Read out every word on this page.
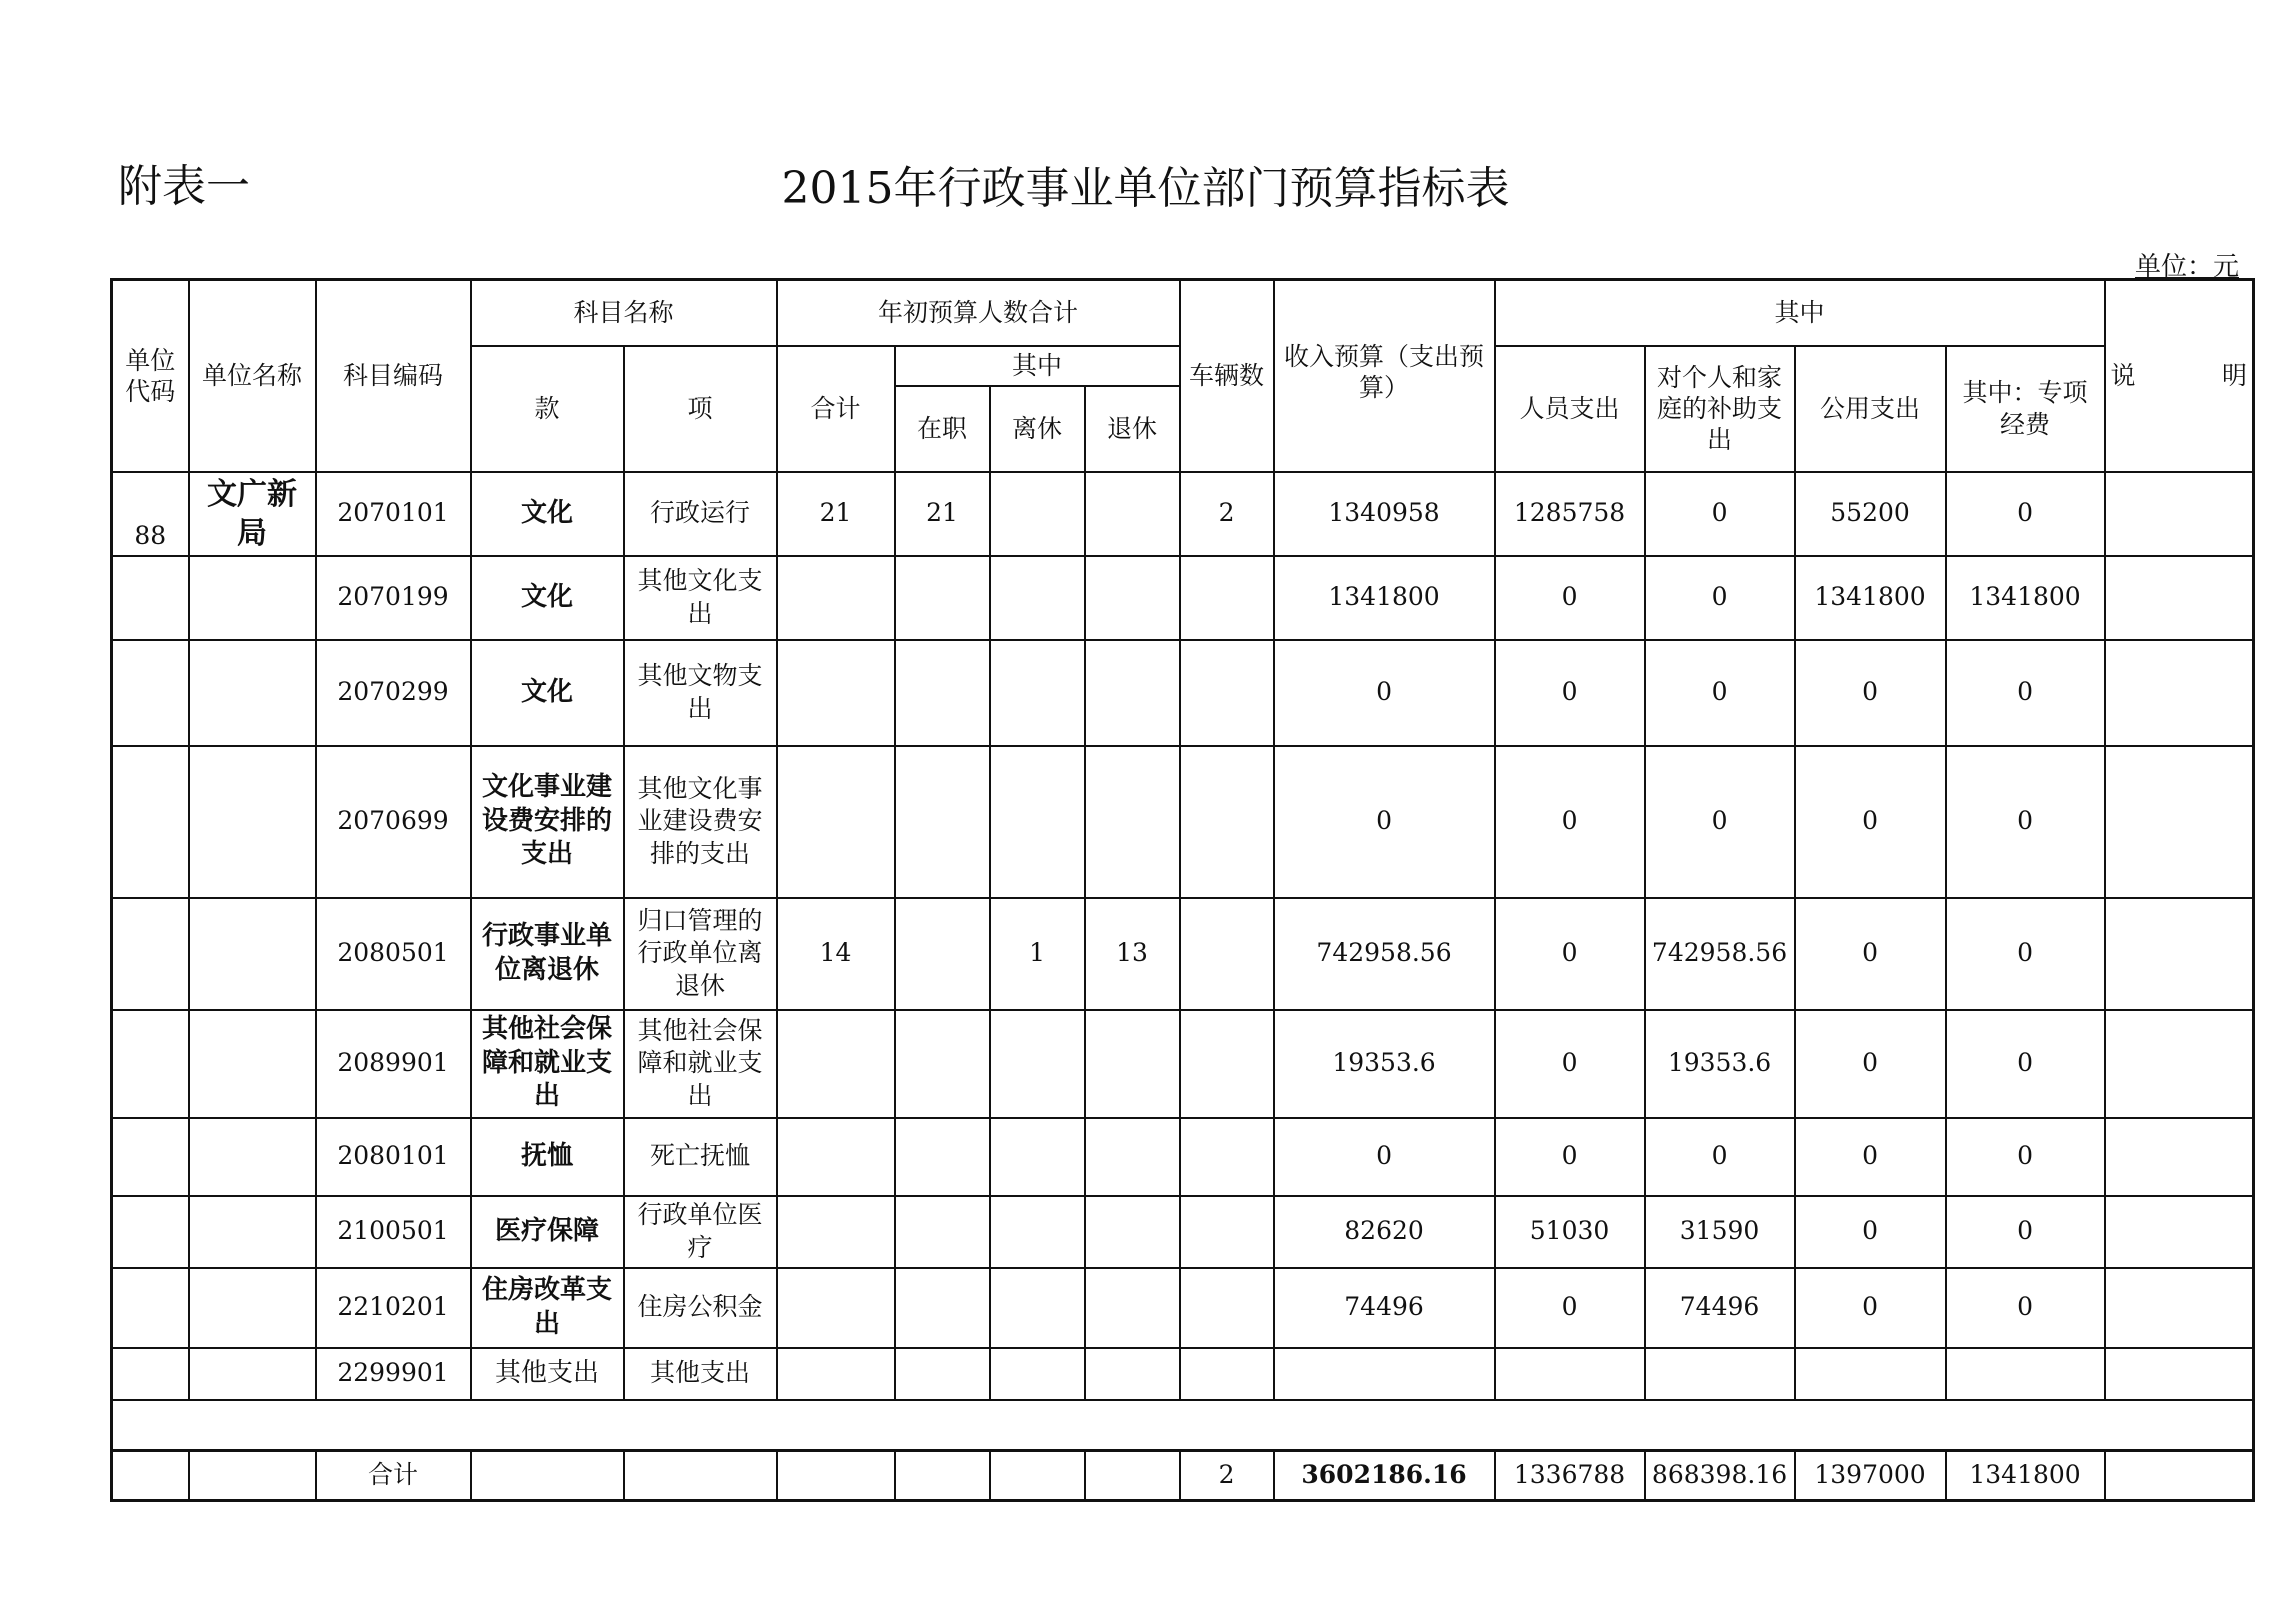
附表一	2015年行政事业单位部门预算指标表
单位：元
单位代码	单位名称	科目编码	科目名称		年初预算人数合计				车辆数	收入预算（支出预算）	其中				说明
			款	项	合计	其中					人员支出	对个人和家庭的补助支出	公用支出	其中：专项经费	
						在职	离休	退休							
88	文广新局	2070101	文化	行政运行	21	21			2	1340958	1285758	0	55200	0	
		2070199	文化	其他文化支出						1341800	0	0	1341800	1341800	
		2070299	文化	其他文物支出						0	0	0	0	0	
		2070699	文化事业建设费安排的支出	其他文化事业建设费安排的支出						0	0	0	0	0	
		2080501	行政事业单位离退休	归口管理的行政单位离退休	14		1	13		742958.56	0	742958.56	0	0	
		2089901	其他社会保障和就业支出	其他社会保障和就业支出						19353.6	0	19353.6	0	0	
		2080101	抚恤	死亡抚恤						0	0	0	0	0	
		2100501	医疗保障	行政单位医疗						82620	51030	31590	0	0	
		2210201	住房改革支出	住房公积金						74496	0	74496	0	0	
		2299901	其他支出	其他支出											

		合计							2	3602186.16	1336788	868398.16	1397000	1341800	
